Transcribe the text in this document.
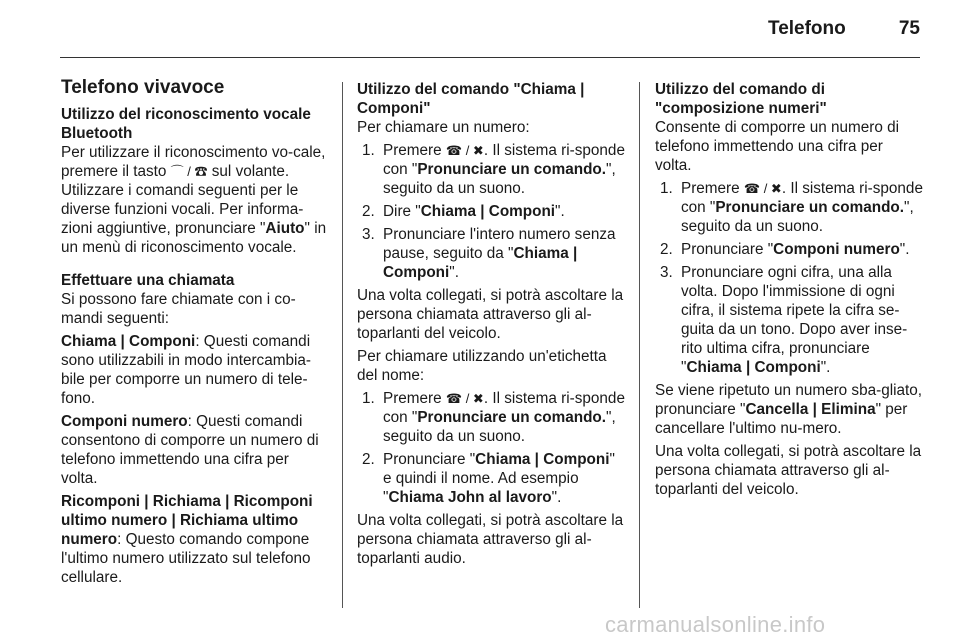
Telefono	75
Telefono vivavoce
Utilizzo del riconoscimento vocale Bluetooth

Per utilizzare il riconoscimento vo-cale, premere il tasto ⌒ / ☎ sul volante. Utilizzare i comandi seguenti per le diverse funzioni vocali. Per informa-zioni aggiuntive, pronunciare "Aiuto" in un menù di riconoscimento vocale.

Effettuare una chiamata

Si possono fare chiamate con i co-mandi seguenti:

Chiama | Componi: Questi comandi sono utilizzabili in modo intercambia-bile per comporre un numero di tele-fono.

Componi numero: Questi comandi consentono di comporre un numero di telefono immettendo una cifra per volta.

Ricomponi | Richiama | Ricomponi ultimo numero | Richiama ultimo numero: Questo comando compone l'ultimo numero utilizzato sul telefono cellulare.

Utilizzo del comando "Chiama | Componi"

Per chiamare un numero:

1. Premere ☎ / ✖. Il sistema ri-sponde con "Pronunciare un comando.", seguito da un suono.
2. Dire "Chiama | Componi".
3. Pronunciare l'intero numero senza pause, seguito da "Chiama | Componi".

Una volta collegati, si potrà ascoltare la persona chiamata attraverso gli al-toparlanti del veicolo.

Per chiamare utilizzando un'etichetta del nome:

1. Premere ☎ / ✖. Il sistema ri-sponde con "Pronunciare un comando.", seguito da un suono.
2. Pronunciare "Chiama | Componi" e quindi il nome. Ad esempio "Chiama John al lavoro".

Una volta collegati, si potrà ascoltare la persona chiamata attraverso gli al-toparlanti audio.

Utilizzo del comando di "composizione numeri"

Consente di comporre un numero di telefono immettendo una cifra per volta.

1. Premere ☎ / ✖. Il sistema ri-sponde con "Pronunciare un comando.", seguito da un suono.
2. Pronunciare "Componi numero".
3. Pronunciare ogni cifra, una alla volta. Dopo l'immissione di ogni cifra, il sistema ripete la cifra se-guita da un tono. Dopo aver inse-rito ultima cifra, pronunciare "Chiama | Componi".

Se viene ripetuto un numero sba-gliato, pronunciare "Cancella | Elimina" per cancellare l'ultimo nu-mero.

Una volta collegati, si potrà ascoltare la persona chiamata attraverso gli al-toparlanti del veicolo.

carmanualsonline.info
